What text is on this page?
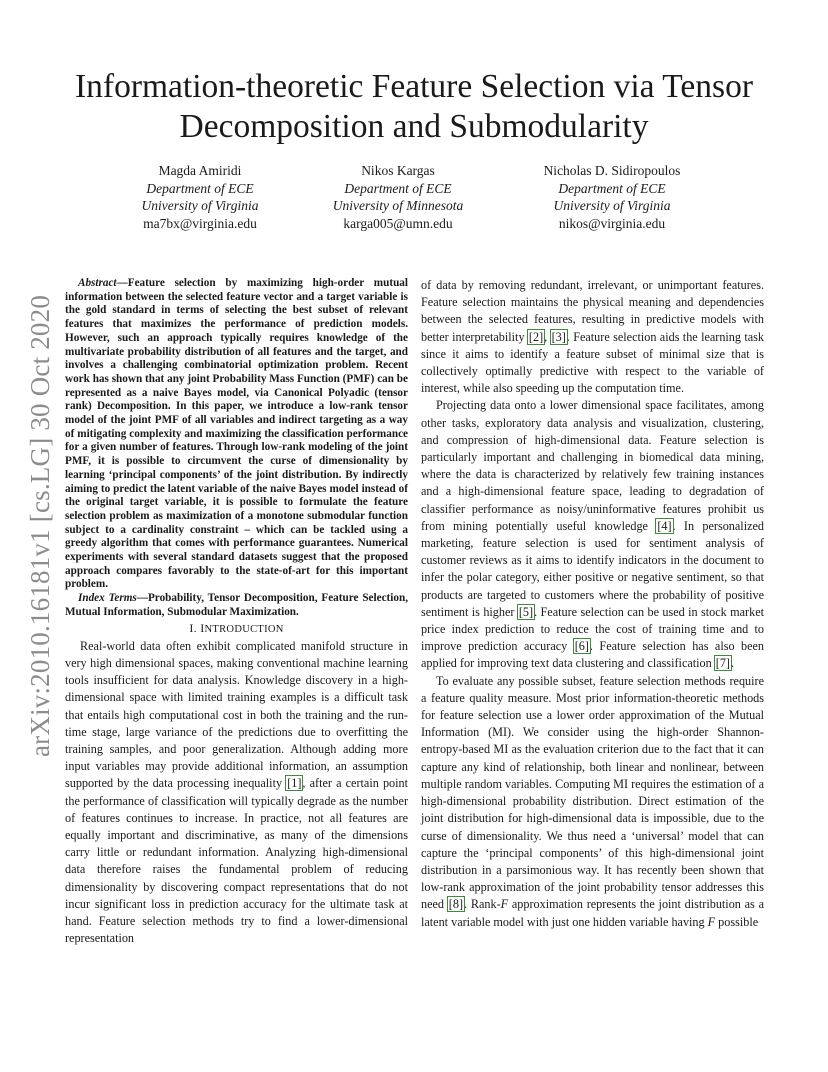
Information-theoretic Feature Selection via Tensor
Decomposition and Submodularity
Magda Amiridi
Department of ECE
University of Virginia
ma7bx@virginia.edu
Nikos Kargas
Department of ECE
University of Minnesota
karga005@umn.edu
Nicholas D. Sidiropoulos
Department of ECE
University of Virginia
nikos@virginia.edu
arXiv:2010.16181v1 [cs.LG] 30 Oct 2020

Abstract—Feature selection by maximizing high-order mutual information between the selected feature vector and a target variable is the gold standard in terms of selecting the best subset of relevant features that maximizes the performance of prediction models. However, such an approach typically requires knowledge of the multivariate probability distribution of all features and the target, and involves a challenging combinatorial optimization problem. Recent work has shown that any joint Probability Mass Function (PMF) can be represented as a naive Bayes model, via Canonical Polyadic (tensor rank) Decomposition. In this paper, we introduce a low-rank tensor model of the joint PMF of all variables and indirect targeting as a way of mitigating complexity and maximizing the classification performance for a given number of features. Through low-rank modeling of the joint PMF, it is possible to circumvent the curse of dimensionality by learning ‘principal components’ of the joint distribution. By indirectly aiming to predict the latent variable of the naive Bayes model instead of the original target variable, it is possible to formulate the feature selection problem as maximization of a monotone submodular function subject to a cardinality constraint – which can be tackled using a greedy algorithm that comes with performance guarantees. Numerical experiments with several standard datasets suggest that the proposed approach compares favorably to the state-of-art for this important problem.

Index Terms—Probability, Tensor Decomposition, Feature Selection, Mutual Information, Submodular Maximization.

I. INTRODUCTION

Real-world data often exhibit complicated manifold structure in very high dimensional spaces, making conventional machine learning tools insufficient for data analysis. Knowledge discovery in a high-dimensional space with limited training examples is a difficult task that entails high computational cost in both the training and the run-time stage, large variance of the predictions due to overfitting the training samples, and poor generalization. Although adding more input variables may provide additional information, an assumption supported by the data processing inequality [1], after a certain point the performance of classification will typically degrade as the number of features continues to increase. In practice, not all features are equally important and discriminative, as many of the dimensions carry little or redundant information. Analyzing high-dimensional data therefore raises the fundamental problem of reducing dimensionality by discovering compact representations that do not incur significant loss in prediction accuracy for the ultimate task at hand. Feature selection methods try to find a lower-dimensional representation

of data by removing redundant, irrelevant, or unimportant features. Feature selection maintains the physical meaning and dependencies between the selected features, resulting in predictive models with better interpretability [2], [3]. Feature selection aids the learning task since it aims to identify a feature subset of minimal size that is collectively optimally predictive with respect to the variable of interest, while also speeding up the computation time.

Projecting data onto a lower dimensional space facilitates, among other tasks, exploratory data analysis and visualization, clustering, and compression of high-dimensional data. Feature selection is particularly important and challenging in biomedical data mining, where the data is characterized by relatively few training instances and a high-dimensional feature space, leading to degradation of classifier performance as noisy/uninformative features prohibit us from mining potentially useful knowledge [4]. In personalized marketing, feature selection is used for sentiment analysis of customer reviews as it aims to identify indicators in the document to infer the polar category, either positive or negative sentiment, so that products are targeted to customers where the probability of positive sentiment is higher [5]. Feature selection can be used in stock market price index prediction to reduce the cost of training time and to improve prediction accuracy [6]. Feature selection has also been applied for improving text data clustering and classification [7].

To evaluate any possible subset, feature selection methods require a feature quality measure. Most prior information-theoretic methods for feature selection use a lower order approximation of the Mutual Information (MI). We consider using the high-order Shannon-entropy-based MI as the evaluation criterion due to the fact that it can capture any kind of relationship, both linear and nonlinear, between multiple random variables. Computing MI requires the estimation of a high-dimensional probability distribution. Direct estimation of the joint distribution for high-dimensional data is impossible, due to the curse of dimensionality. We thus need a ‘universal’ model that can capture the ‘principal components’ of this high-dimensional joint distribution in a parsimonious way. It has recently been shown that low-rank approximation of the joint probability tensor addresses this need [8]. Rank-F approximation represents the joint distribution as a latent variable model with just one hidden variable having F possible
